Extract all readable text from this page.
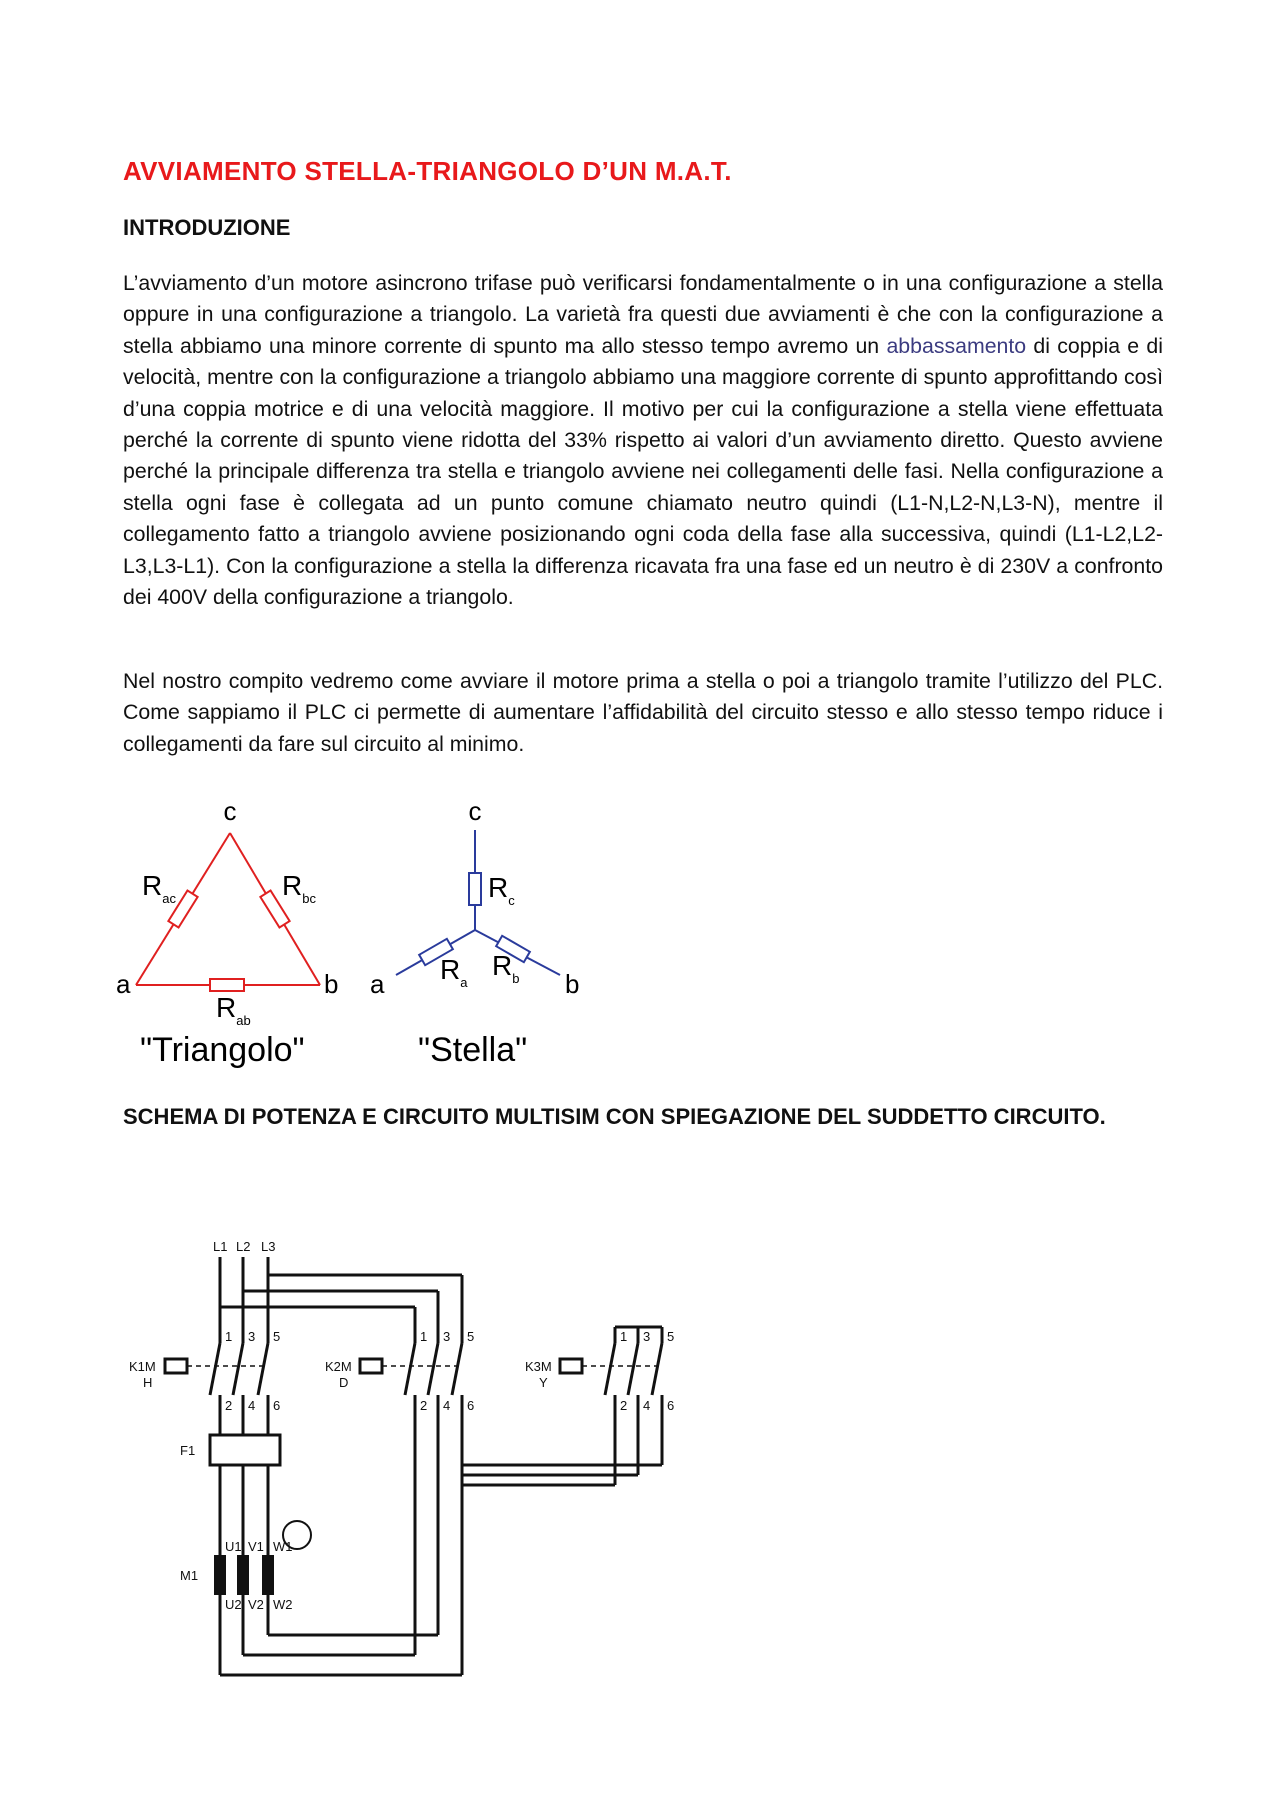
AVVIAMENTO STELLA-TRIANGOLO D’UN M.A.T.
INTRODUZIONE

L’avviamento d’un motore asincrono trifase può verificarsi fondamentalmente o in una configurazione a stella oppure in una configurazione a triangolo. La varietà fra questi due avviamenti è che con la configurazione a stella abbiamo una minore corrente di spunto ma allo stesso tempo avremo un abbassamento di coppia e di velocità, mentre con la configurazione a triangolo abbiamo una maggiore corrente di spunto approfittando così d’una coppia motrice e di una velocità maggiore. Il motivo per cui la configurazione a stella viene effettuata perché la corrente di spunto viene ridotta del 33% rispetto ai valori d’un avviamento diretto. Questo avviene perché la principale differenza tra stella e triangolo avviene nei collegamenti delle fasi. Nella configurazione a stella ogni fase è collegata ad un punto comune chiamato neutro quindi (L1-N,L2-N,L3-N), mentre il collegamento fatto a triangolo avviene posizionando ogni coda della fase alla successiva, quindi (L1-L2,L2-L3,L3-L1). Con la configurazione a stella la differenza ricavata fra una fase ed un neutro è di 230V a confronto dei 400V della configurazione a triangolo.

Nel nostro compito vedremo come avviare il motore prima a stella o poi a triangolo tramite l’utilizzo del PLC. Come sappiamo il PLC ci permette di aumentare l’affidabilità del circuito stesso e allo stesso tempo riduce i collegamenti da fare sul circuito al minimo.

c
a	b
$R_{ac}$	$R_{bc}$
$R_{ab}$
"Triangolo"
c
a	b
$R_c$
$R_a$
$R_b$
"Stella"
SCHEMA DI POTENZA E CIRCUITO MULTISIM CON SPIEGAZIONE DEL SUDDETTO CIRCUITO.
L1 L2 L3
1 3 5
2 4 6
1 3 5
2 4 6
1 3 5
2 4 6
K1M
H
K2M
D
K3M
Y
F1
M1
U1 V1 W1
U2 V2 W2
